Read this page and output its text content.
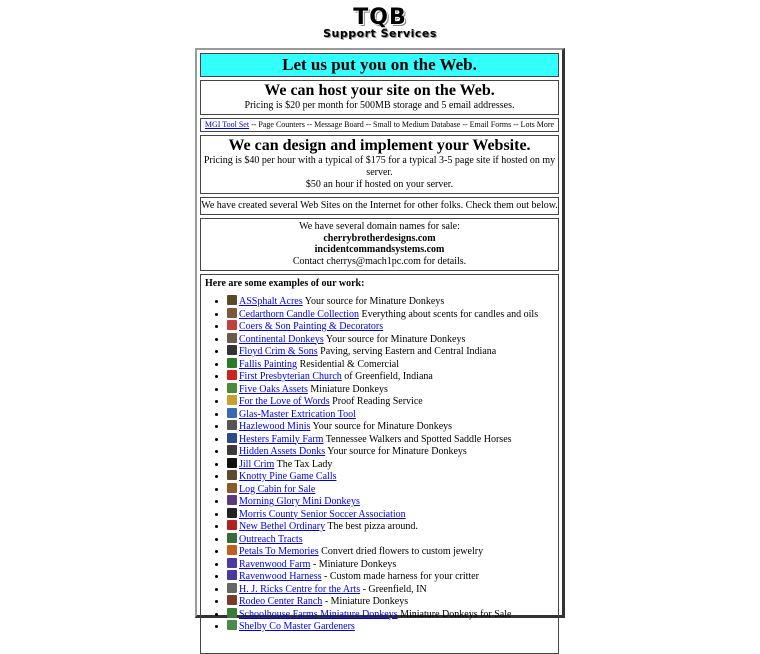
TQB
Support Services
Let us put you on the Web.
We can host your site on the Web.
Pricing is $20 per month for 500MB storage and 5 email addresses.
MGI Tool Set -- Page Counters -- Message Board -- Small to Medium Database -- Email Forms -- Lots More
We can design and implement your Website.
Pricing is $40 per hour with a typical of $175 for a typical 3-5 page site if hosted on my server.
$50 an hour if hosted on your server.
We have created several Web Sites on the Internet for other folks. Check them out below.
We have several domain names for sale:
cherrybrotherdesigns.com
incidentcommandsystems.com
Contact cherrys@mach1pc.com for details.
Here are some examples of our work:
• ASSphalt Acres Your source for Minature Donkeys
• Cedarthorn Candle Collection Everything about scents for candles and oils
• Coers & Son Painting & Decorators
• Continental Donkeys Your source for Minature Donkeys
• Floyd Crim & Sons Paving, serving Eastern and Central Indiana
• Fallis Painting Residential & Comercial
• First Presbyterian Church of Greenfield, Indiana
• Five Oaks Assets Miniature Donkeys
• For the Love of Words Proof Reading Service
• Glas-Master Extrication Tool
• Hazlewood Minis Your source for Minature Donkeys
• Hesters Family Farm Tennessee Walkers and Spotted Saddle Horses
• Hidden Assets Donks Your source for Minature Donkeys
• Jill Crim The Tax Lady
• Knotty Pine Game Calls
• Log Cabin for Sale
• Morning Glory Mini Donkeys
• Morris County Senior Soccer Association
• New Bethel Ordinary The best pizza around.
• Outreach Tracts
• Petals To Memories Convert dried flowers to custom jewelry
• Ravenwood Farm - Miniature Donkeys
• Ravenwood Harness - Custom made harness for your critter
• H. J. Ricks Centre for the Arts - Greenfield, IN
• Rodeo Center Ranch - Miniature Donkeys
• Schoolhouse Farms Miniature Donkeys Miniature Donkeys for Sale
• Shelby Co Master Gardeners
